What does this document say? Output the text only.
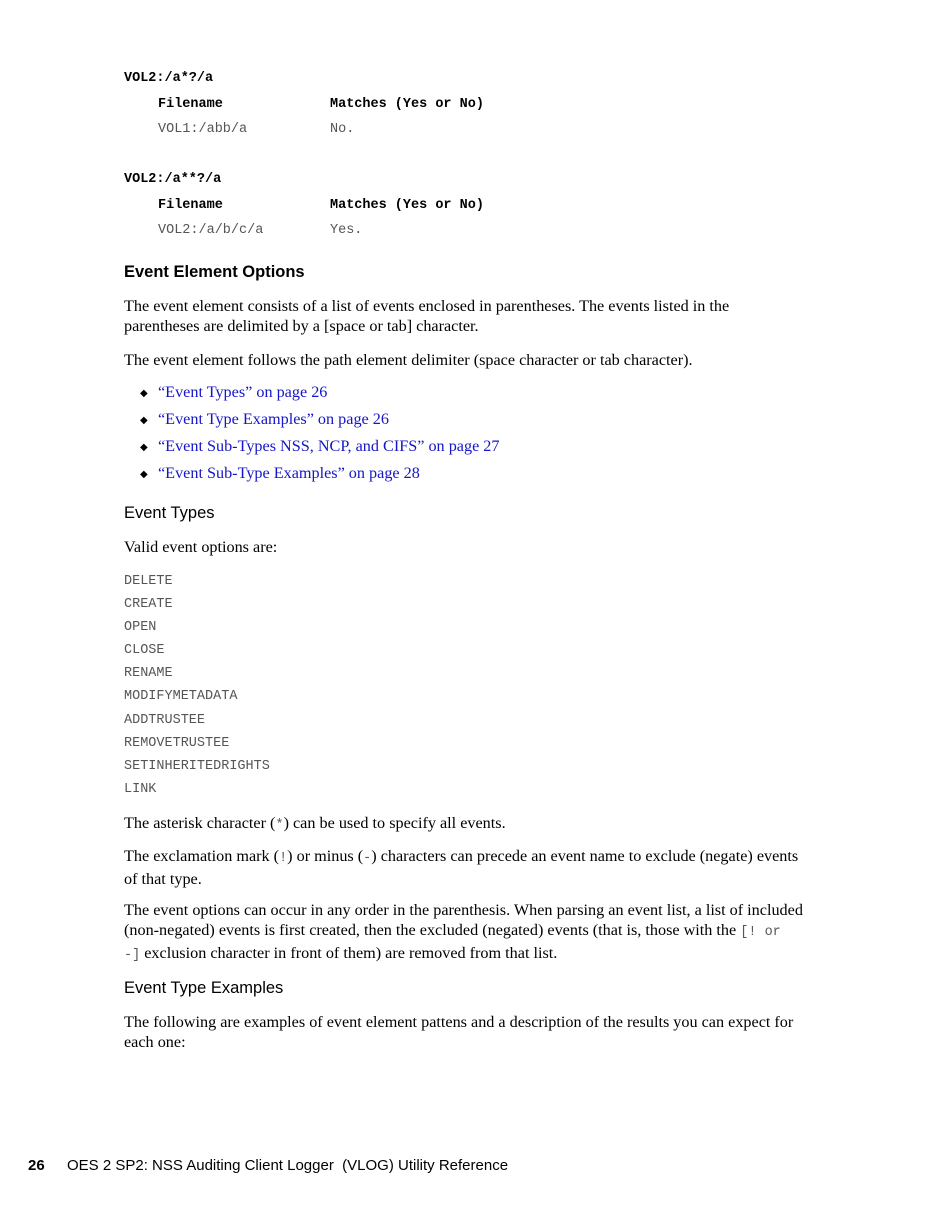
VOL2:/a*?/a
Filename	Matches (Yes or No)
VOL1:/abb/a	No.
VOL2:/a**?/a
Filename	Matches (Yes or No)
VOL2:/a/b/c/a	Yes.
Event Element Options
The event element consists of a list of events enclosed in parentheses. The events listed in the parentheses are delimited by a [space or tab] character.
The event element follows the path element delimiter (space character or tab character).
◆ “Event Types” on page 26
◆ “Event Type Examples” on page 26
◆ “Event Sub-Types NSS, NCP, and CIFS” on page 27
◆ “Event Sub-Type Examples” on page 28
Event Types
Valid event options are:
DELETE
CREATE
OPEN
CLOSE
RENAME
MODIFYMETADATA
ADDTRUSTEE
REMOVETRUSTEE
SETINHERITEDRIGHTS
LINK
The asterisk character (*) can be used to specify all events.
The exclamation mark (!) or minus (-) characters can precede an event name to exclude (negate) events of that type.
The event options can occur in any order in the parenthesis. When parsing an event list, a list of included (non-negated) events is first created, then the excluded (negated) events (that is, those with the [! or -] exclusion character in front of them) are removed from that list.
Event Type Examples
The following are examples of event element pattens and a description of the results you can expect for each one:
26 OES 2 SP2: NSS Auditing Client Logger  (VLOG) Utility Reference
